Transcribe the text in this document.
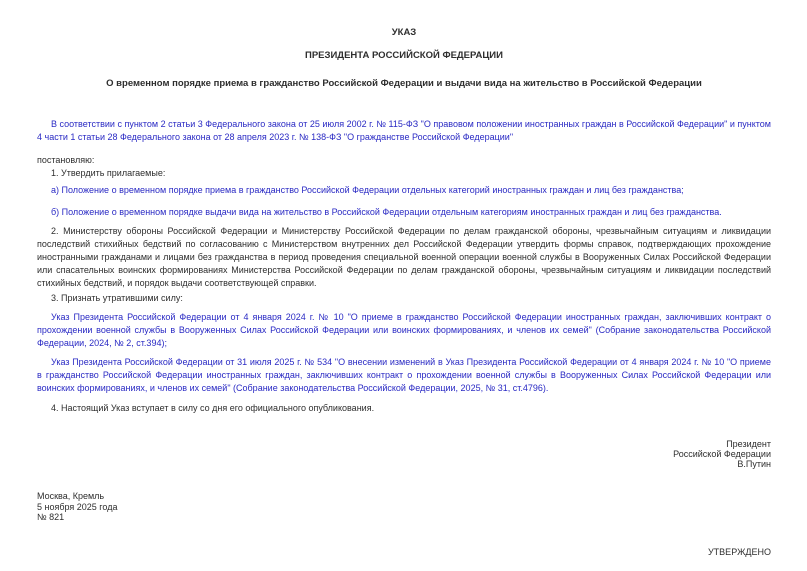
УКАЗ
ПРЕЗИДЕНТА РОССИЙСКОЙ ФЕДЕРАЦИИ
О временном порядке приема в гражданство Российской Федерации и выдачи вида на жительство в Российской Федерации

В соответствии с пунктом 2 статьи 3 Федерального закона от 25 июля 2002 г. № 115-ФЗ "О правовом положении иностранных граждан в Российской Федерации" и пунктом 4 части 1 статьи 28 Федерального закона от 28 апреля 2023 г. № 138-ФЗ "О гражданстве Российской Федерации"

постановляю:

1. Утвердить прилагаемые:

а) Положение о временном порядке приема в гражданство Российской Федерации отдельных категорий иностранных граждан и лиц без гражданства;

б) Положение о временном порядке выдачи вида на жительство в Российской Федерации отдельным категориям иностранных граждан и лиц без гражданства.

2. Министерству обороны Российской Федерации и Министерству Российской Федерации по делам гражданской обороны, чрезвычайным ситуациям и ликвидации последствий стихийных бедствий по согласованию с Министерством внутренних дел Российской Федерации утвердить формы справок, подтверждающих прохождение иностранными гражданами и лицами без гражданства в период проведения специальной военной операции военной службы в Вооруженных Силах Российской Федерации или спасательных воинских формированиях Министерства Российской Федерации по делам гражданской обороны, чрезвычайным ситуациям и ликвидации последствий стихийных бедствий, и порядок выдачи соответствующей справки.

3. Признать утратившими силу:

Указ Президента Российской Федерации от 4 января 2024 г. № 10 "О приеме в гражданство Российской Федерации иностранных граждан, заключивших контракт о прохождении военной службы в Вооруженных Силах Российской Федерации или воинских формированиях, и членов их семей" (Собрание законодательства Российской Федерации, 2024, № 2, ст.394);

Указ Президента Российской Федерации от 31 июля 2025 г. № 534 "О внесении изменений в Указ Президента Российской Федерации от 4 января 2024 г. № 10 "О приеме в гражданство Российской Федерации иностранных граждан, заключивших контракт о прохождении военной службы в Вооруженных Силах Российской Федерации или воинских формированиях, и членов их семей" (Собрание законодательства Российской Федерации, 2025, № 31, ст.4796).

4. Настоящий Указ вступает в силу со дня его официального опубликования.

Президент
Российской Федерации
В.Путин
Москва, Кремль
5 ноября 2025 года
№ 821
УТВЕРЖДЕНО
